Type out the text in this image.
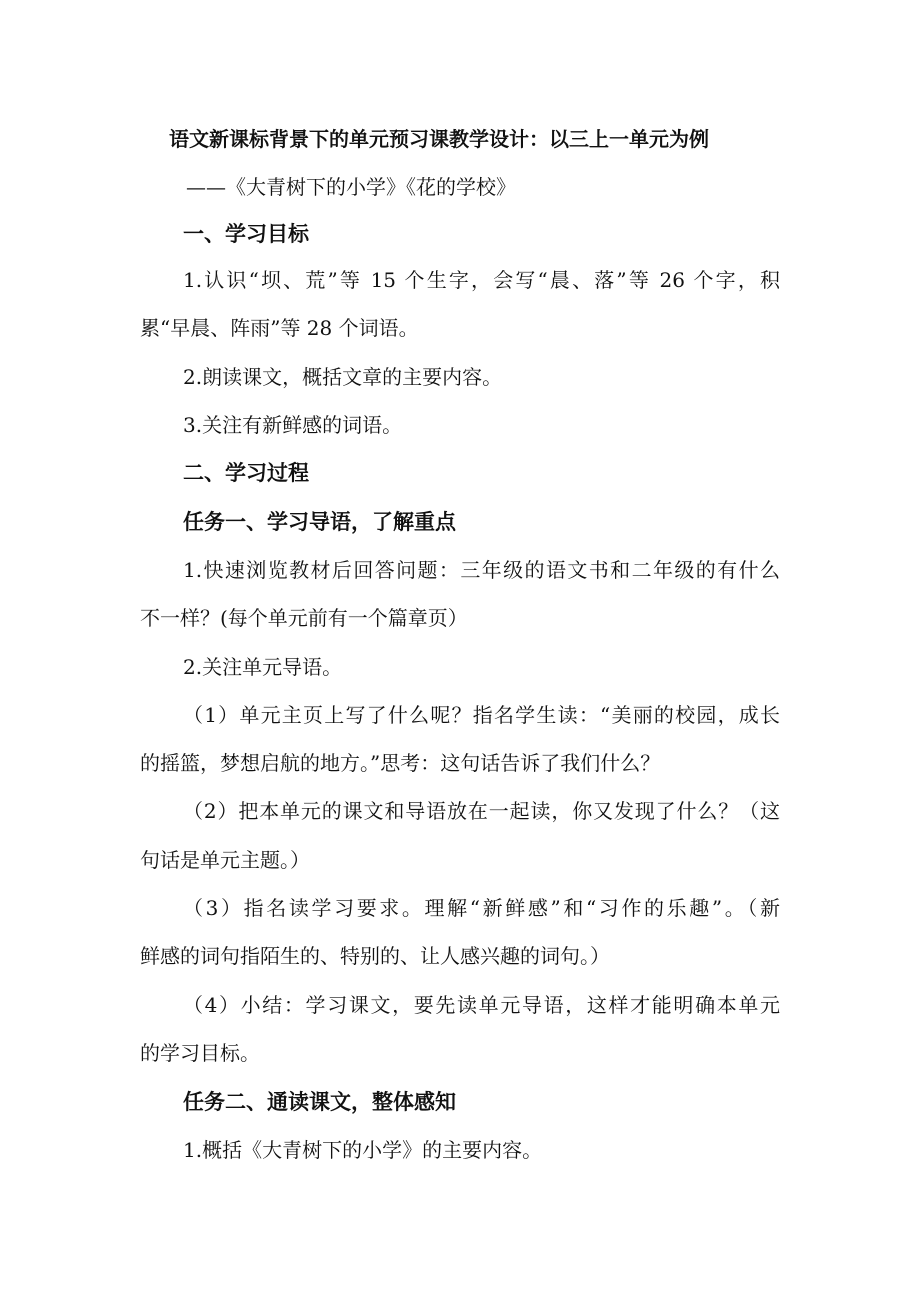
语文新课标背景下的单元预习课教学设计：以三上一单元为例
——《大青树下的小学》《花的学校》
一、学习目标
1.认识“坝、荒”等 15 个生字，会写“晨、落”等 26 个字，积
累“早晨、阵雨”等 28 个词语。
2.朗读课文，概括文章的主要内容。
3.关注有新鲜感的词语。
二、学习过程
任务一、学习导语，了解重点
1.快速浏览教材后回答问题：三年级的语文书和二年级的有什么
不一样？(每个单元前有一个篇章页）
2.关注单元导语。
（1）单元主页上写了什么呢？指名学生读：“美丽的校园，成长
的摇篮，梦想启航的地方。”思考：这句话告诉了我们什么？
（2）把本单元的课文和导语放在一起读，你又发现了什么？（这
句话是单元主题。）
（3）指名读学习要求。理解“新鲜感”和“习作的乐趣”。（新
鲜感的词句指陌生的、特别的、让人感兴趣的词句。）
（4）小结：学习课文，要先读单元导语，这样才能明确本单元
的学习目标。
任务二、通读课文，整体感知
1.概括《大青树下的小学》的主要内容。
